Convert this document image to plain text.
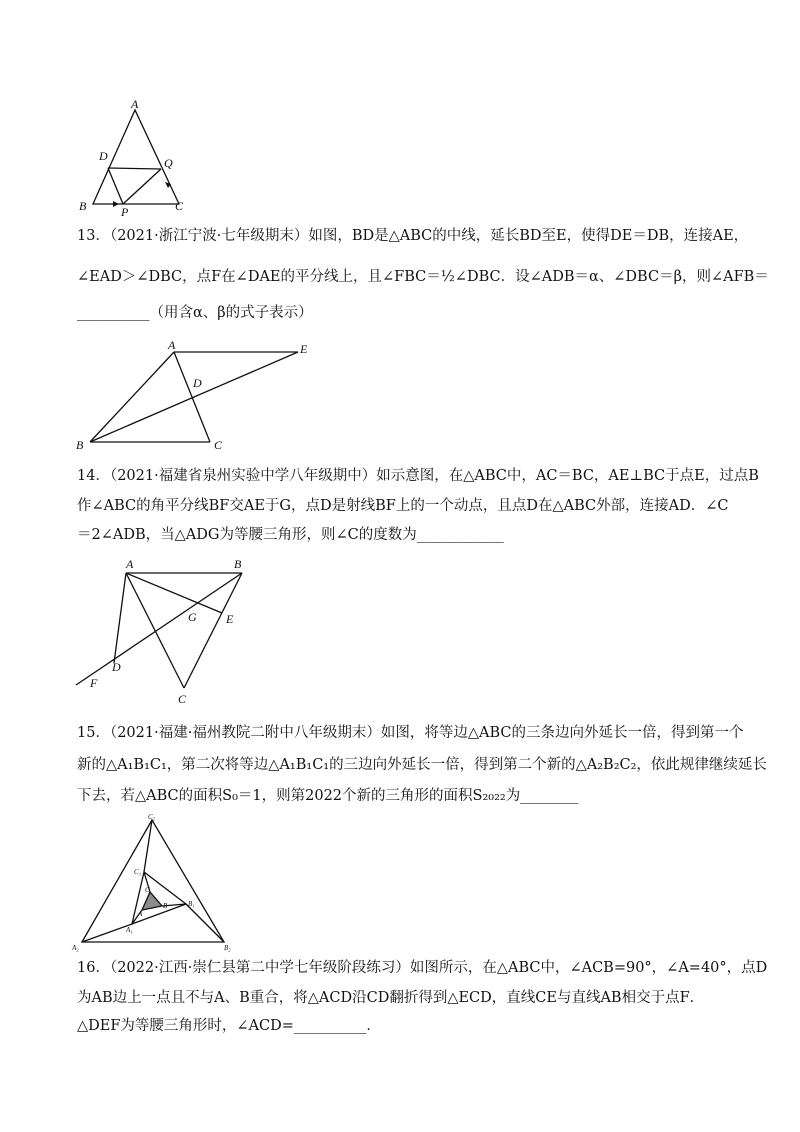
A
D	Q
B	P	C
13．（2021·浙江宁波·七年级期末）如图，BD是△ABC的中线，延长BD至E，使得DE＝DB，连接AE，
∠EAD＞∠DBC，点F在∠DAE的平分线上，且∠FBC＝½∠DBC．设∠ADB＝α、∠DBC＝β，则∠AFB＝
__________（用含α、β的式子表示）
A	E
D
B	C
14．（2021·福建省泉州实验中学八年级期中）如示意图，在△ABC中，AC＝BC，AE⊥BC于点E，过点B
作∠ABC的角平分线BF交AE于G，点D是射线BF上的一个动点，且点D在△ABC外部，连接AD．∠C
＝2∠ADB，当△ADG为等腰三角形，则∠C的度数为____________
A	B
G E
D
F
C
15．（2021·福建·福州教院二附中八年级期末）如图，将等边△ABC的三条边向外延长一倍，得到第一个
新的△A₁B₁C₁，第二次将等边△A₁B₁C₁的三边向外延长一倍，得到第二个新的△A₂B₂C₂，依此规律继续延长
下去，若△ABC的面积S₀＝1，则第2022个新的三角形的面积S₂₀₂₂为________
C₂
C₁
C
B	B₁
A
A₁
A₂	B₂
16．（2022·江西·崇仁县第二中学七年级阶段练习）如图所示，在△ABC中，∠ACB=90°，∠A=40°，点D
为AB边上一点且不与A、B重合，将△ACD沿CD翻折得到△ECD，直线CE与直线AB相交于点F．
△DEF为等腰三角形时，∠ACD=__________．
